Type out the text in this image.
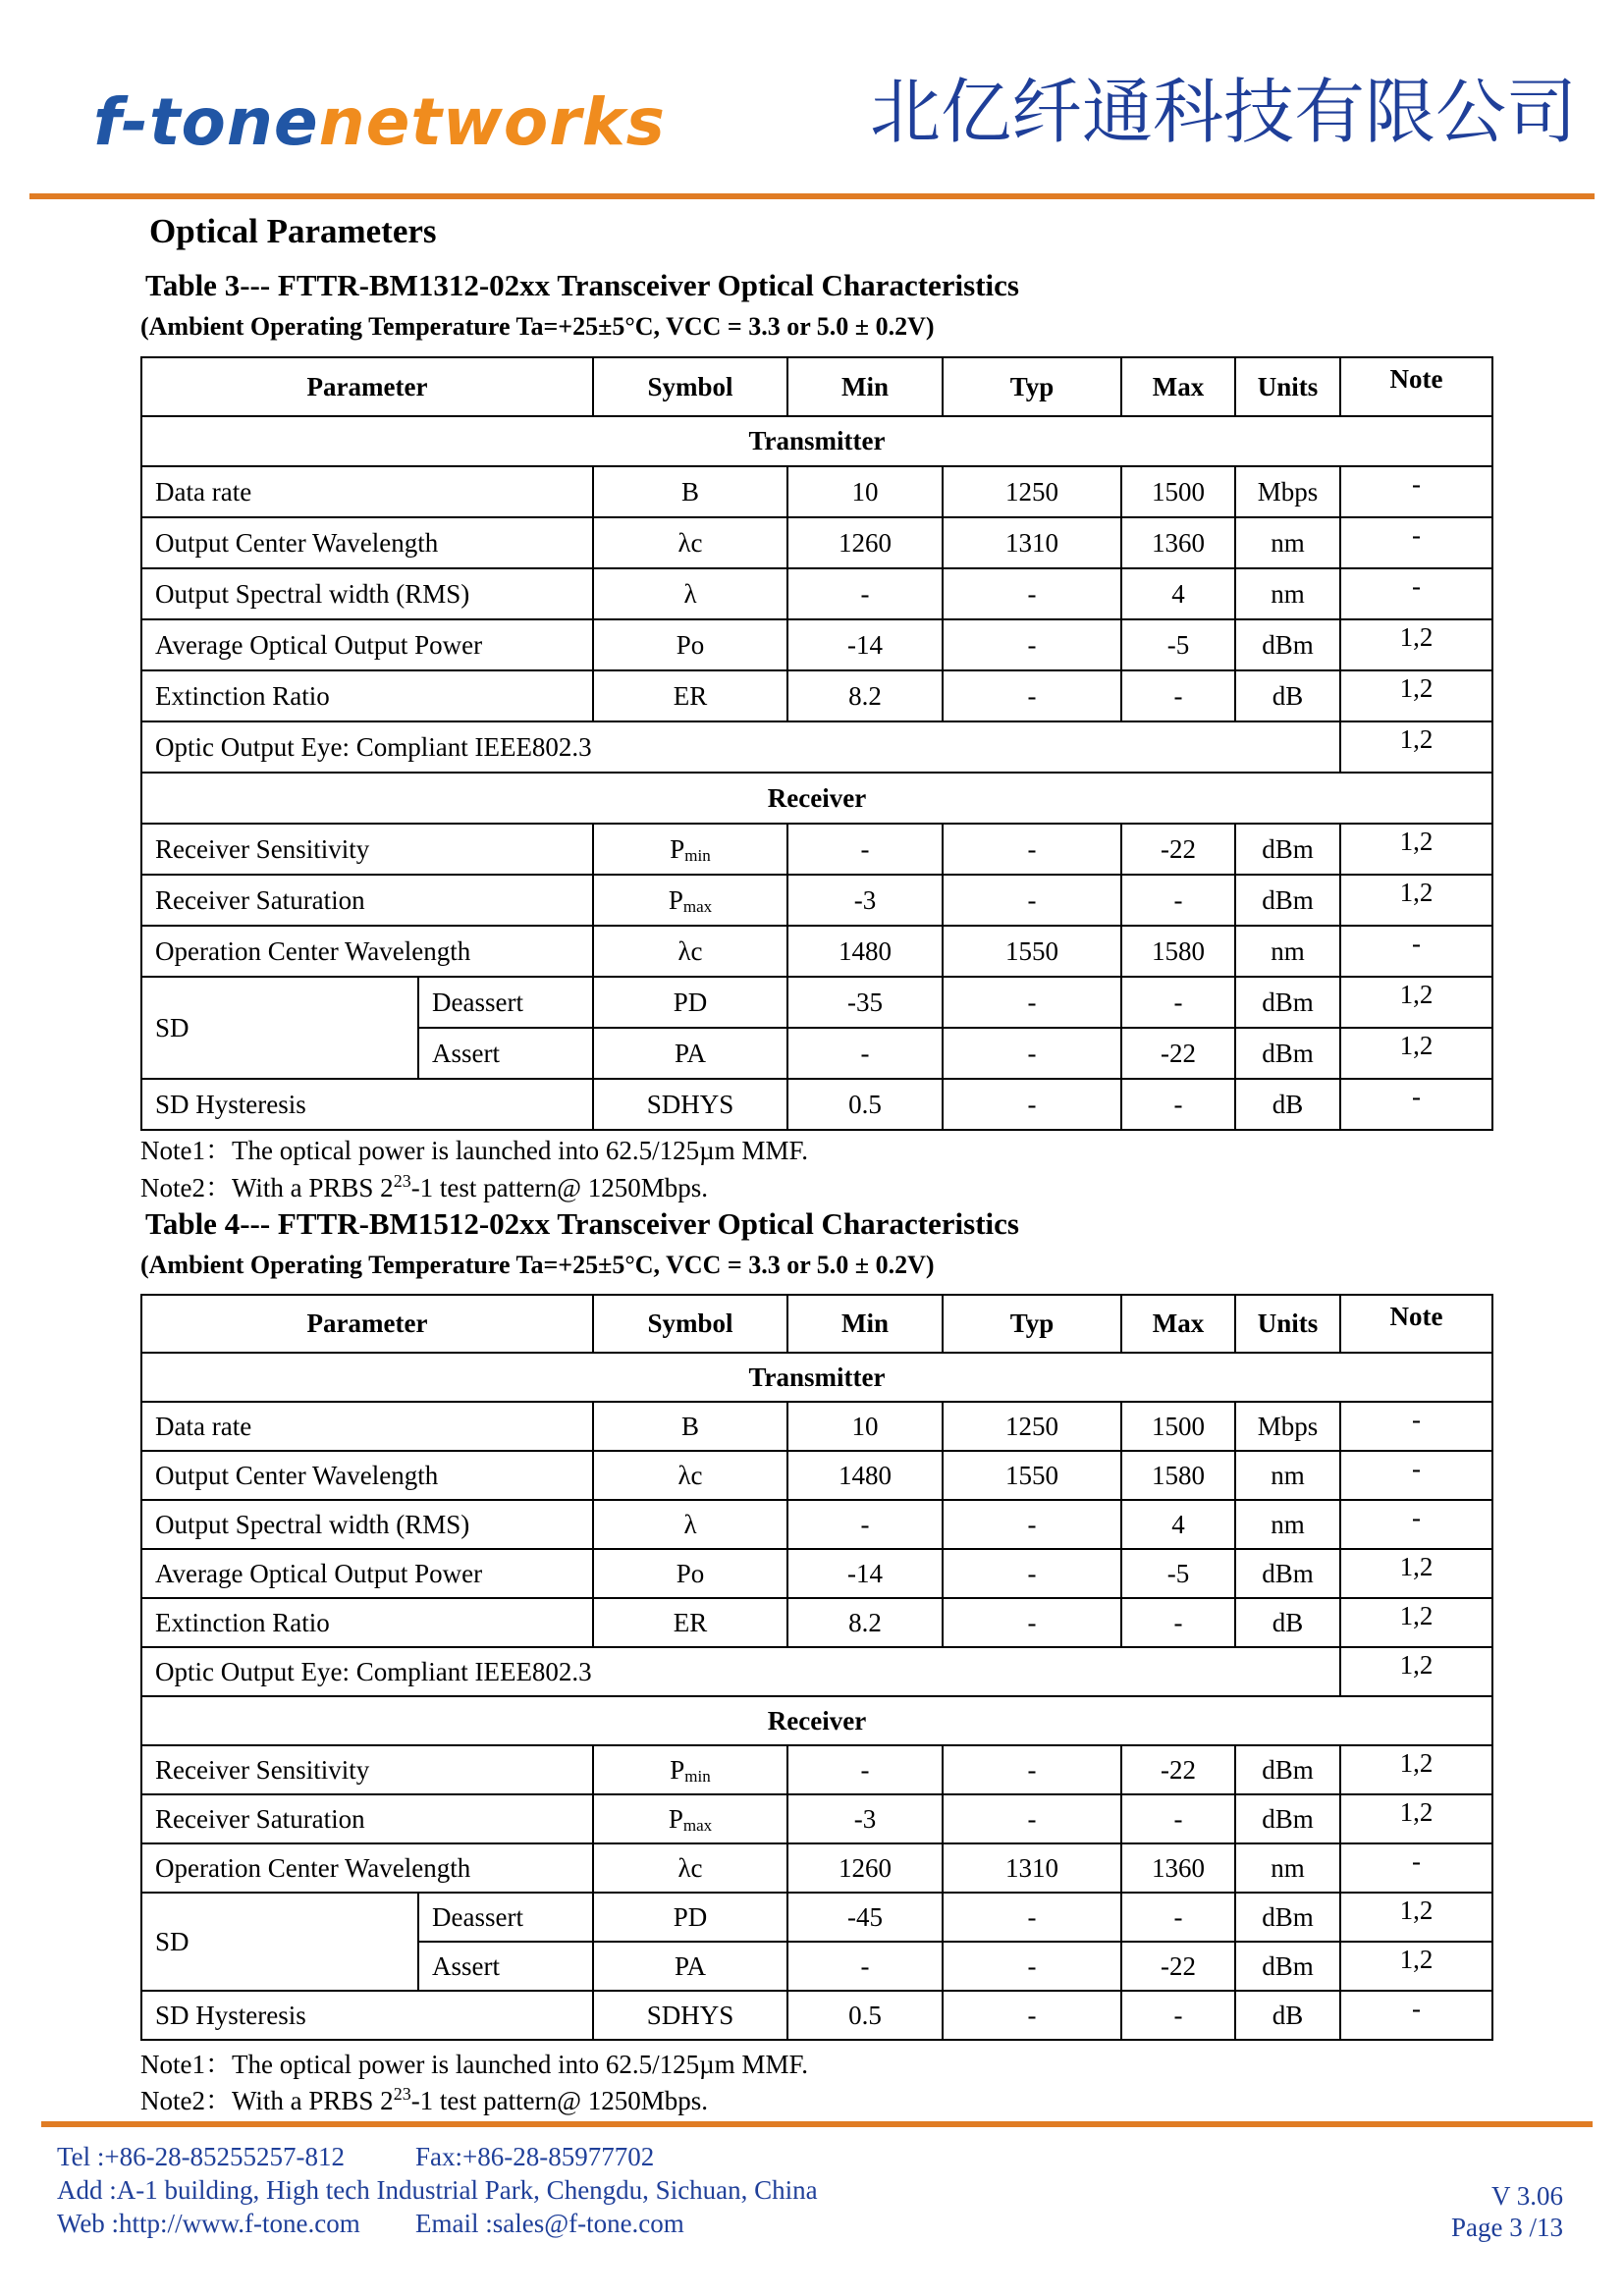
f-tonenetworks	北亿纤通科技有限公司
Optical Parameters
Table 3--- FTTR-BM1312-02xx Transceiver Optical Characteristics
(Ambient Operating Temperature Ta=+25±5°C, VCC = 3.3 or 5.0 ± 0.2V)
Parameter		Symbol	Min	Typ	Max	Units	Note
Transmitter							
Data rate		B	10	1250	1500	Mbps	-
Output Center Wavelength		λc	1260	1310	1360	nm	-
Output Spectral width (RMS)		λ	-	-	4	nm	-
Average Optical Output Power		Po	-14	-	-5	dBm	1,2
Extinction Ratio		ER	8.2	-	-	dB	1,2
Optic Output Eye: Compliant IEEE802.3							1,2
Receiver							
Receiver Sensitivity		$P_{min}$	-	-	-22	dBm	1,2
Receiver Saturation		$P_{max}$	-3	-	-	dBm	1,2
Operation Center Wavelength		λc	1480	1550	1580	nm	-
SD	Deassert	PD	-35	-	-	dBm	1,2
	Assert	PA	-	-	-22	dBm	1,2
SD Hysteresis		SDHYS	0.5	-	-	dB	-
Note1：The optical power is launched into 62.5/125µm MMF.
Note2：With a PRBS $2^{23}-1$ test pattern@ 1250Mbps.
Table 4--- FTTR-BM1512-02xx Transceiver Optical Characteristics
(Ambient Operating Temperature Ta=+25±5°C, VCC = 3.3 or 5.0 ± 0.2V)
Parameter		Symbol	Min	Typ	Max	Units	Note
Transmitter							
Data rate		B	10	1250	1500	Mbps	-
Output Center Wavelength		λc	1480	1550	1580	nm	-
Output Spectral width (RMS)		λ	-	-	4	nm	-
Average Optical Output Power		Po	-14	-	-5	dBm	1,2
Extinction Ratio		ER	8.2	-	-	dB	1,2
Optic Output Eye: Compliant IEEE802.3							1,2
Receiver							
Receiver Sensitivity		$P_{min}$	-	-	-22	dBm	1,2
Receiver Saturation		$P_{max}$	-3	-	-	dBm	1,2
Operation Center Wavelength		λc	1260	1310	1360	nm	-
SD	Deassert	PD	-45	-	-	dBm	1,2
	Assert	PA	-	-	-22	dBm	1,2
SD Hysteresis		SDHYS	0.5	-	-	dB	-
Note1：The optical power is launched into 62.5/125µm MMF.
Note2：With a PRBS $2^{23}-1$ test pattern@ 1250Mbps.
Tel :+86-28-85255257-812	Fax:+86-28-85977702
Add :A-1 building, High tech Industrial Park, Chengdu, Sichuan, China
Web :http://www.f-tone.com Email :sales@f-tone.com
V 3.06
Page 3 /13
